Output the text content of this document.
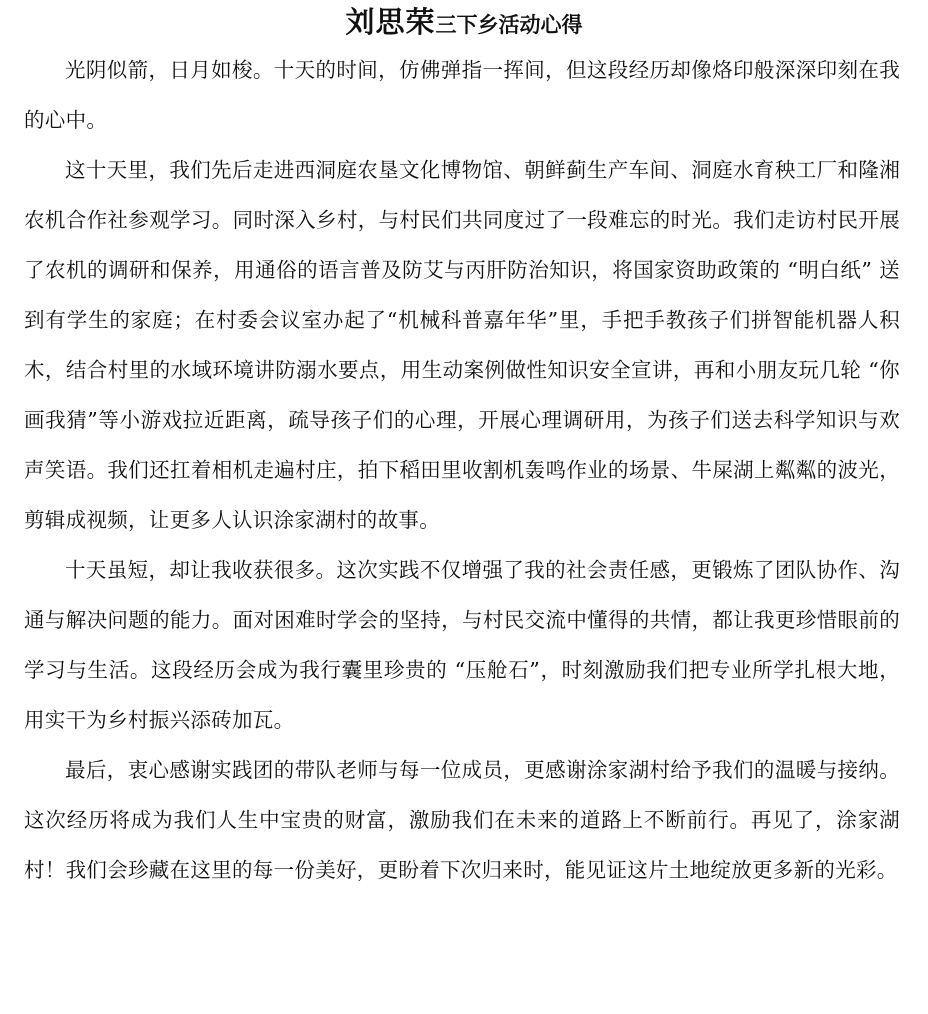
刘思荣三下乡活动心得

光阴似箭，日月如梭。十天的时间，仿佛弹指一挥间，但这段经历却像烙印般深深印刻在我的心中。

这十天里，我们先后走进西洞庭农垦文化博物馆、朝鲜蓟生产车间、洞庭水育秧工厂和隆湘农机合作社参观学习。同时深入乡村，与村民们共同度过了一段难忘的时光。我们走访村民开展了农机的调研和保养，用通俗的语言普及防艾与丙肝防治知识，将国家资助政策的 “明白纸” 送到有学生的家庭；在村委会议室办起了“机械科普嘉年华”里，手把手教孩子们拼智能机器人积木，结合村里的水域环境讲防溺水要点，用生动案例做性知识安全宣讲，再和小朋友玩几轮 “你画我猜”等小游戏拉近距离，疏导孩子们的心理，开展心理调研用，为孩子们送去科学知识与欢声笑语。我们还扛着相机走遍村庄，拍下稻田里收割机轰鸣作业的场景、牛屎湖上粼粼的波光，剪辑成视频，让更多人认识涂家湖村的故事。

十天虽短，却让我收获很多。这次实践不仅增强了我的社会责任感，更锻炼了团队协作、沟通与解决问题的能力。面对困难时学会的坚持，与村民交流中懂得的共情，都让我更珍惜眼前的学习与生活。这段经历会成为我行囊里珍贵的 “压舱石”，时刻激励我们把专业所学扎根大地，用实干为乡村振兴添砖加瓦。

最后，衷心感谢实践团的带队老师与每一位成员，更感谢涂家湖村给予我们的温暖与接纳。这次经历将成为我们人生中宝贵的财富，激励我们在未来的道路上不断前行。再见了，涂家湖村！我们会珍藏在这里的每一份美好，更盼着下次归来时，能见证这片土地绽放更多新的光彩。
